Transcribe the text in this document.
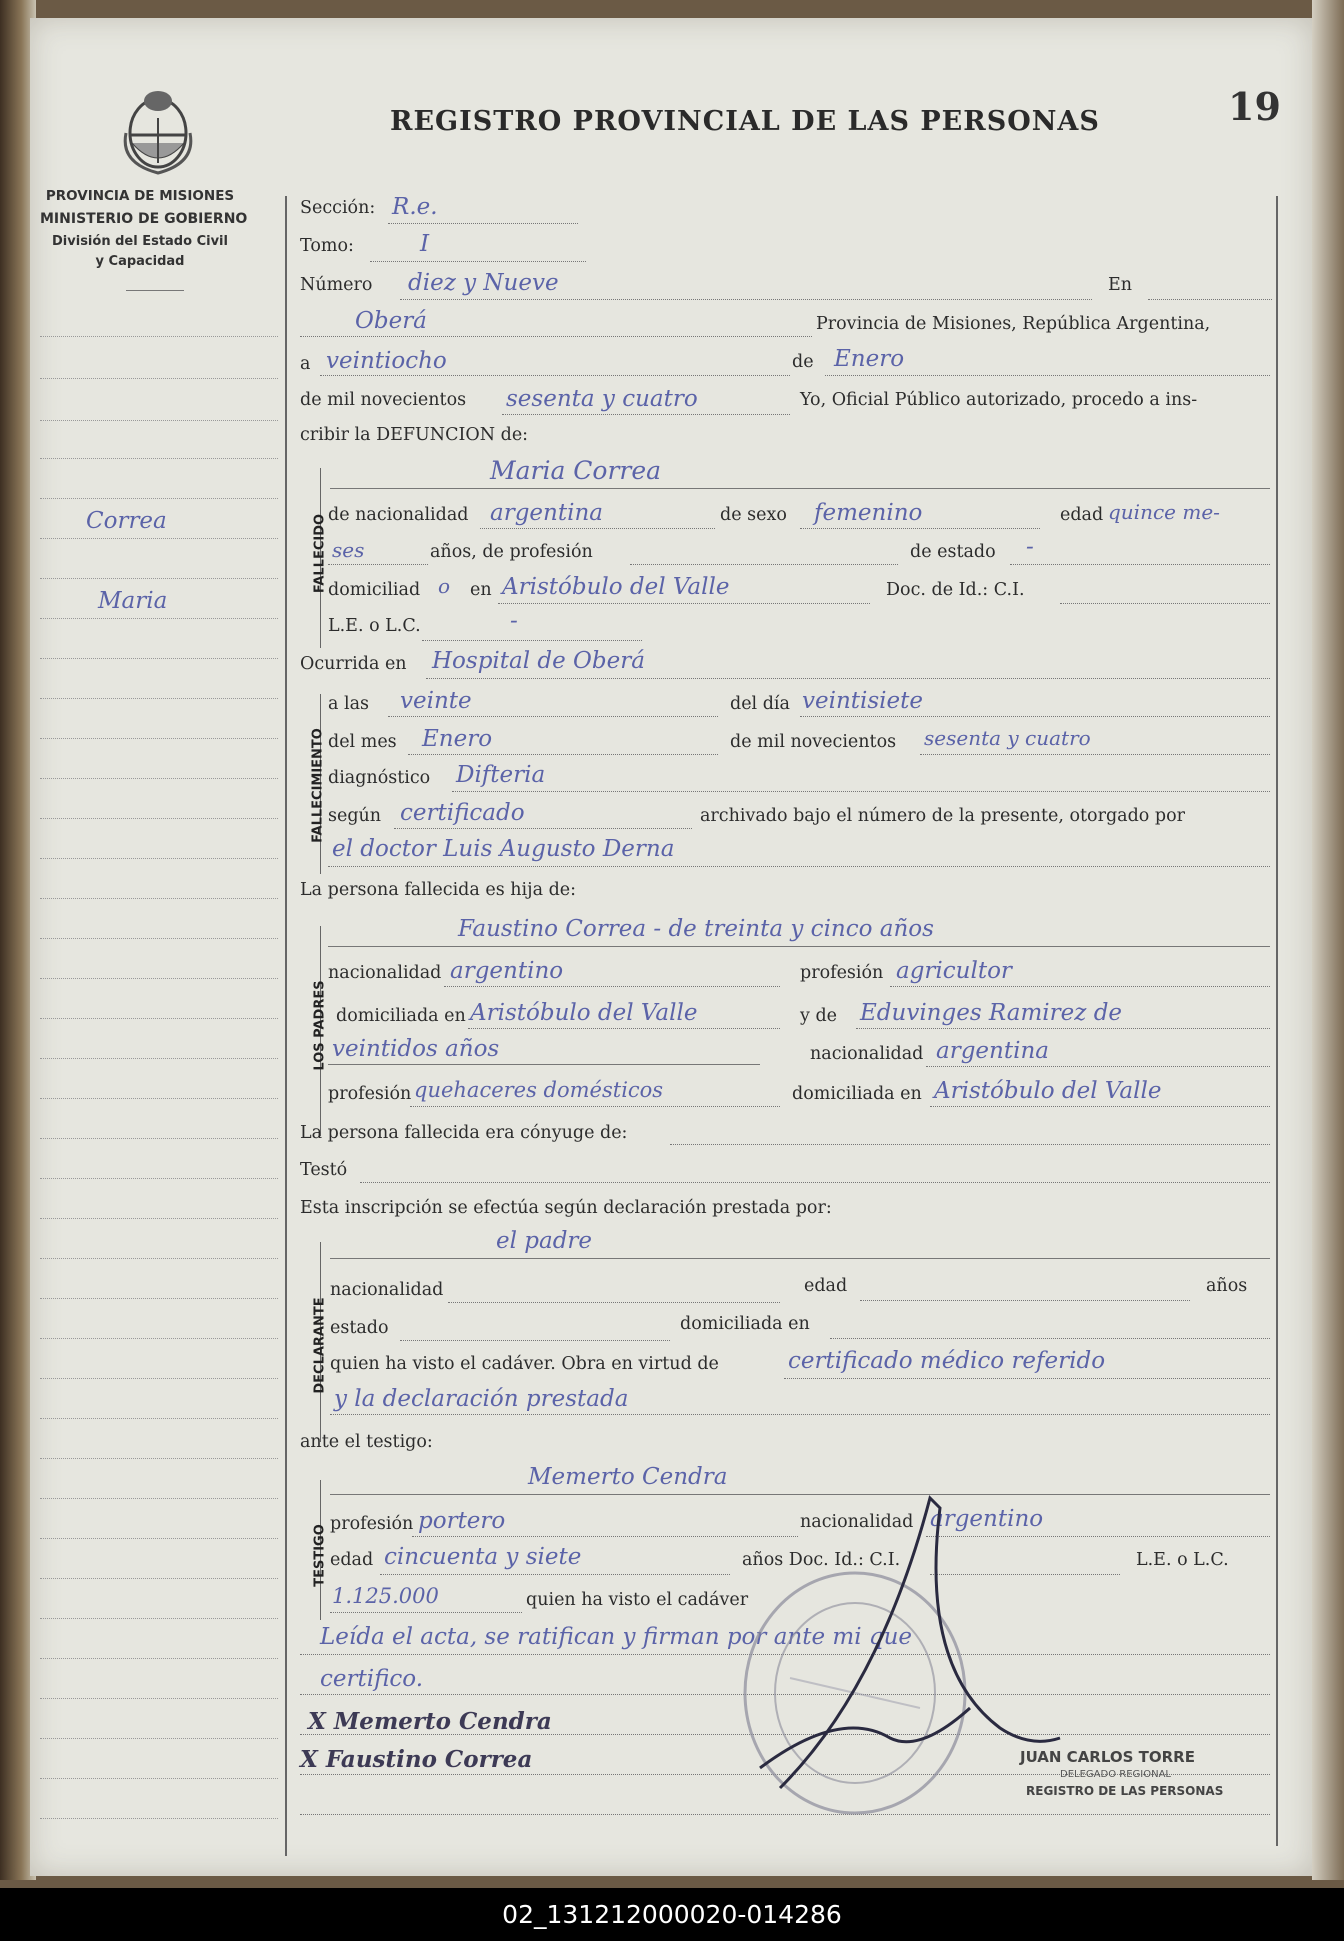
REGISTRO PROVINCIAL DE LAS PERSONAS	19
PROVINCIA DE MISIONES
MINISTERIO DE GOBIERNO
División del Estado Civil
y Capacidad
Correa
Maria
Sección: R.e.
Tomo:	I
Número diez y Nueve	En
Oberá	Provincia de Misiones, República Argentina,
a veintiocho	de Enero
de mil novecientos sesenta y cuatro	Yo, Oficial Público autorizado, procedo a ins-
cribir la DEFUNCION de:
FALLECIDO
Maria Correa
de nacionalidad argentina	de sexo femenino	edad quince me-
ses	años, de profesión	de estado -
domiciliad o en Aristóbulo del Valle	Doc. de Id.: C.I.
L.E. o L.C.	-
Ocurrida en Hospital de Oberá
FALLECIMIENTO
a las veinte	del día veintisiete
del mes Enero	de mil novecientos sesenta y cuatro
diagnóstico Difteria
según certificado	archivado bajo el número de la presente, otorgado por
el doctor Luis Augusto Derna
La persona fallecida es hija de:
LOS PADRES
Faustino Correa - de treinta y cinco años
nacionalidad argentino	profesión agricultor
domiciliada en Aristóbulo del Valle	y de Eduvinges Ramirez de
veintidos años	nacionalidad argentina
profesión quehaceres domésticos	domiciliada en Aristóbulo del Valle
La persona fallecida era cónyuge de:
Testó
Esta inscripción se efectúa según declaración prestada por:
DECLARANTE
el padre
nacionalidad	edad	años
estado	domiciliada en
quien ha visto el cadáver. Obra en virtud de	certificado médico referido
y la declaración prestada
ante el testigo:
TESTIGO
Memerto Cendra
profesión portero	nacionalidad argentino
edad cincuenta y siete	años Doc. Id.: C.I.	L.E. o L.C.
1.125.000	quien ha visto el cadáver
Leída el acta, se ratifican y firman por ante mi que
certifico.
X Memerto Cendra
X Faustino Correa	JUAN CARLOS TORRE
DELEGADO REGIONAL
REGISTRO DE LAS PERSONAS
02_131212000020-014286
